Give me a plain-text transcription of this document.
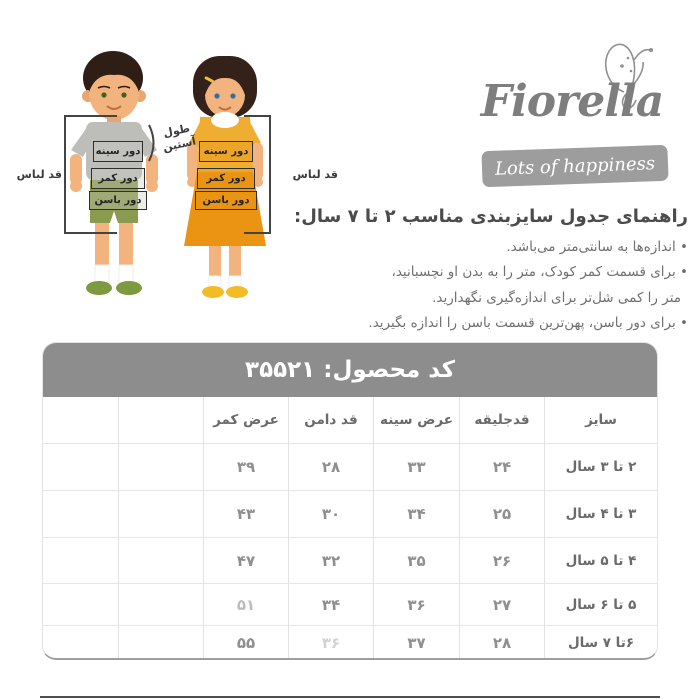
دور سینه
دور کمر
دور باسن
دور سینه
دور کمر
دور باسن
قد لباس	قد لباس
طول آستین
Fiorella
Lots of happiness
راهنمای جدول سایزبندی مناسب ۲ تا ۷ سال:

• اندازه‌ها به سانتی‌متر می‌باشد.

• برای قسمت کمر کودک، متر را به بدن او نچسبانید،

متر را کمی شل‌تر برای اندازه‌گیری نگهدارید.

• برای دور باسن، پهن‌ترین قسمت باسن را اندازه بگیرید.

کد محصول: ۳۵۵۲۱
سایز
قدجلیقه
عرض سینه
قد دامن
عرض کمر
۲ تا ۳ سال
۲۴
۳۳
۲۸
۳۹
۳ تا ۴ سال
۲۵
۳۴
۳۰
۴۳
۴ تا ۵ سال
۲۶
۳۵
۳۲
۴۷
۵ تا ۶ سال
۲۷
۳۶
۳۴
۵۱
۶تا ۷ سال
۲۸
۳۷
۳۶
۵۵
